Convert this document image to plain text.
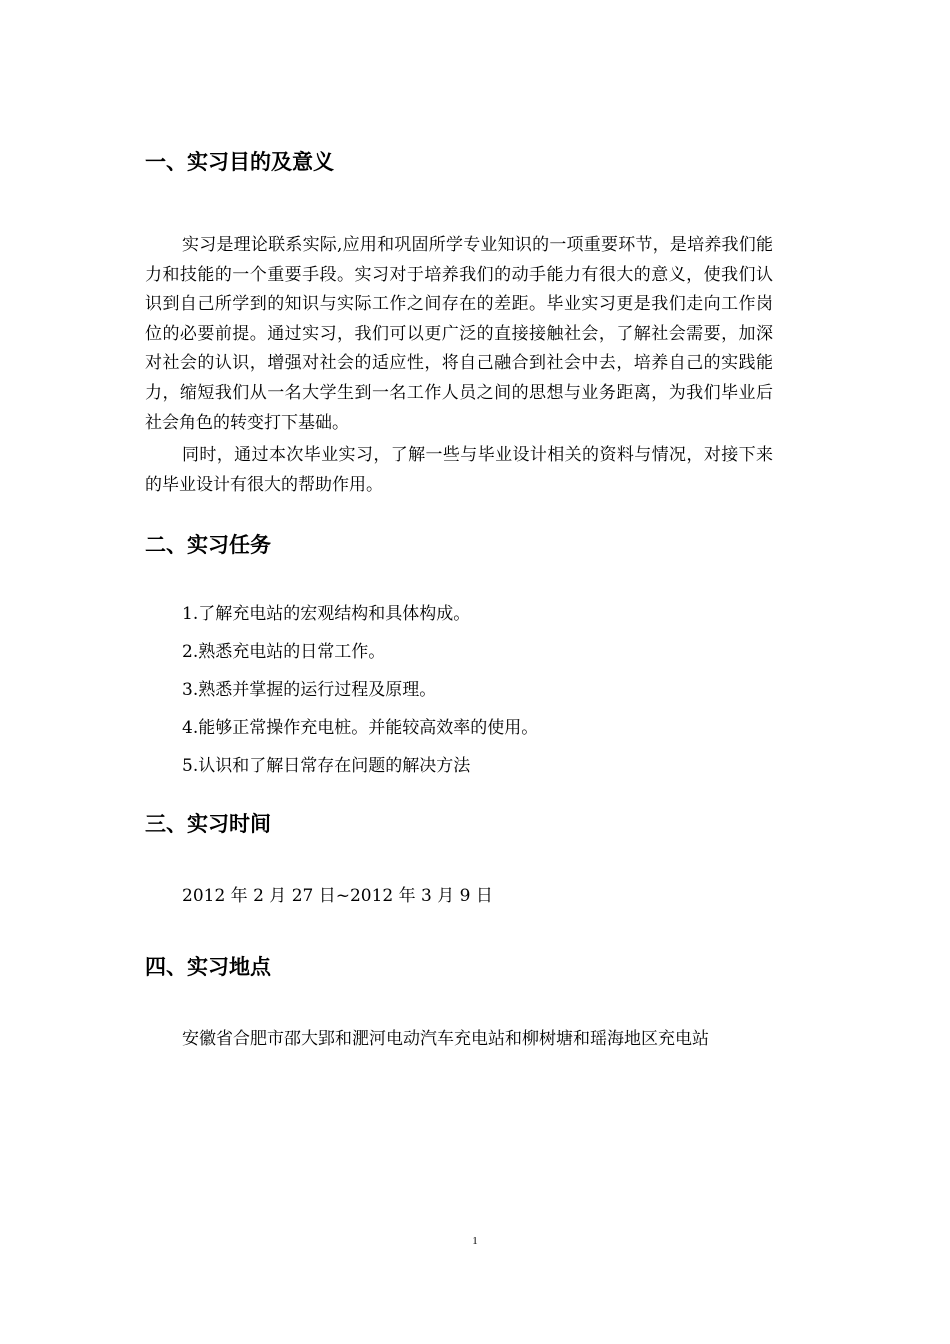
一、实习目的及意义

实习是理论联系实际,应用和巩固所学专业知识的一项重要环节，是培养我们能力和技能的一个重要手段。实习对于培养我们的动手能力有很大的意义，使我们认识到自己所学到的知识与实际工作之间存在的差距。毕业实习更是我们走向工作岗位的必要前提。通过实习，我们可以更广泛的直接接触社会，了解社会需要，加深对社会的认识，增强对社会的适应性，将自己融合到社会中去，培养自己的实践能力，缩短我们从一名大学生到一名工作人员之间的思想与业务距离，为我们毕业后社会角色的转变打下基础。

同时，通过本次毕业实习，了解一些与毕业设计相关的资料与情况，对接下来的毕业设计有很大的帮助作用。

二、实习任务

1.了解充电站的宏观结构和具体构成。

2.熟悉充电站的日常工作。

3.熟悉并掌握的运行过程及原理。

4.能够正常操作充电桩。并能较高效率的使用。

5.认识和了解日常存在问题的解决方法

三、实习时间

2012 年 2 月 27 日~2012 年 3 月 9 日

四、实习地点

安徽省合肥市邵大郢和淝河电动汽车充电站和柳树塘和瑶海地区充电站

1
